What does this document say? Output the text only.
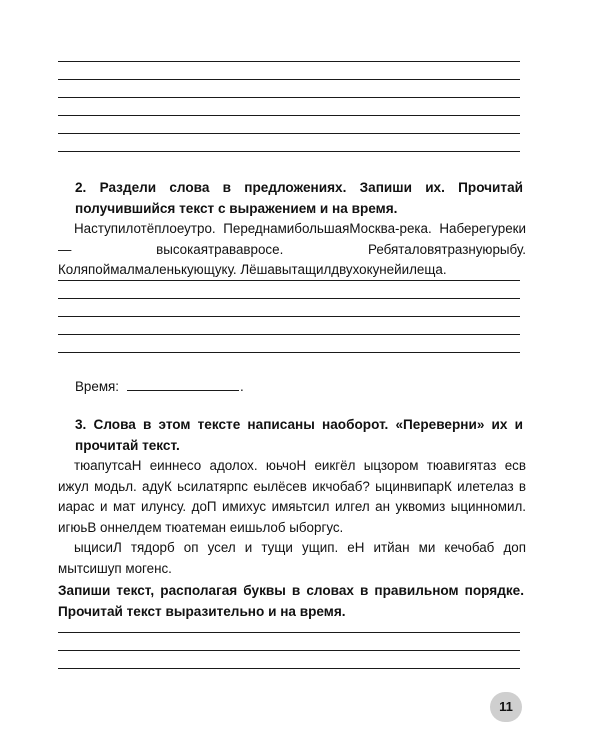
2. Раздели слова в предложениях. Запиши их. Прочитай получившийся текст с выражением и на время.

Наступилотёплоеутро. ПереднамибольшаяМосква-река. Наберегуреки — высокаятрававросе. Ребяталовятразнуюрыбу. Коляпоймалмаленькующуку. Лёшавытащилдвухокунейилеща.

Время:	.
3. Слова в этом тексте написаны наоборот. «Переверни» их и прочитай текст.

тюапутсаН еиннесо адолох. юьчоН еикгёл ыцзором тюавигятаз есв ижул модьл. адуК ьсилатярпс еылёсев икчобаб? ыцинвипарК илетелаз в иарас и мат илунсу. доП имихус имяьтсил илгел ан уквомиз ыцинномил. игюьВ оннелдем тюатеман еишьлоб ыборгус.

ыцисиЛ тядорб оп усел и тущи ущип. еН итйан ми кечобаб доп мытсишуп могенс.

Запиши текст, располагая буквы в словах в правильном порядке. Прочитай текст выразительно и на время.
11
